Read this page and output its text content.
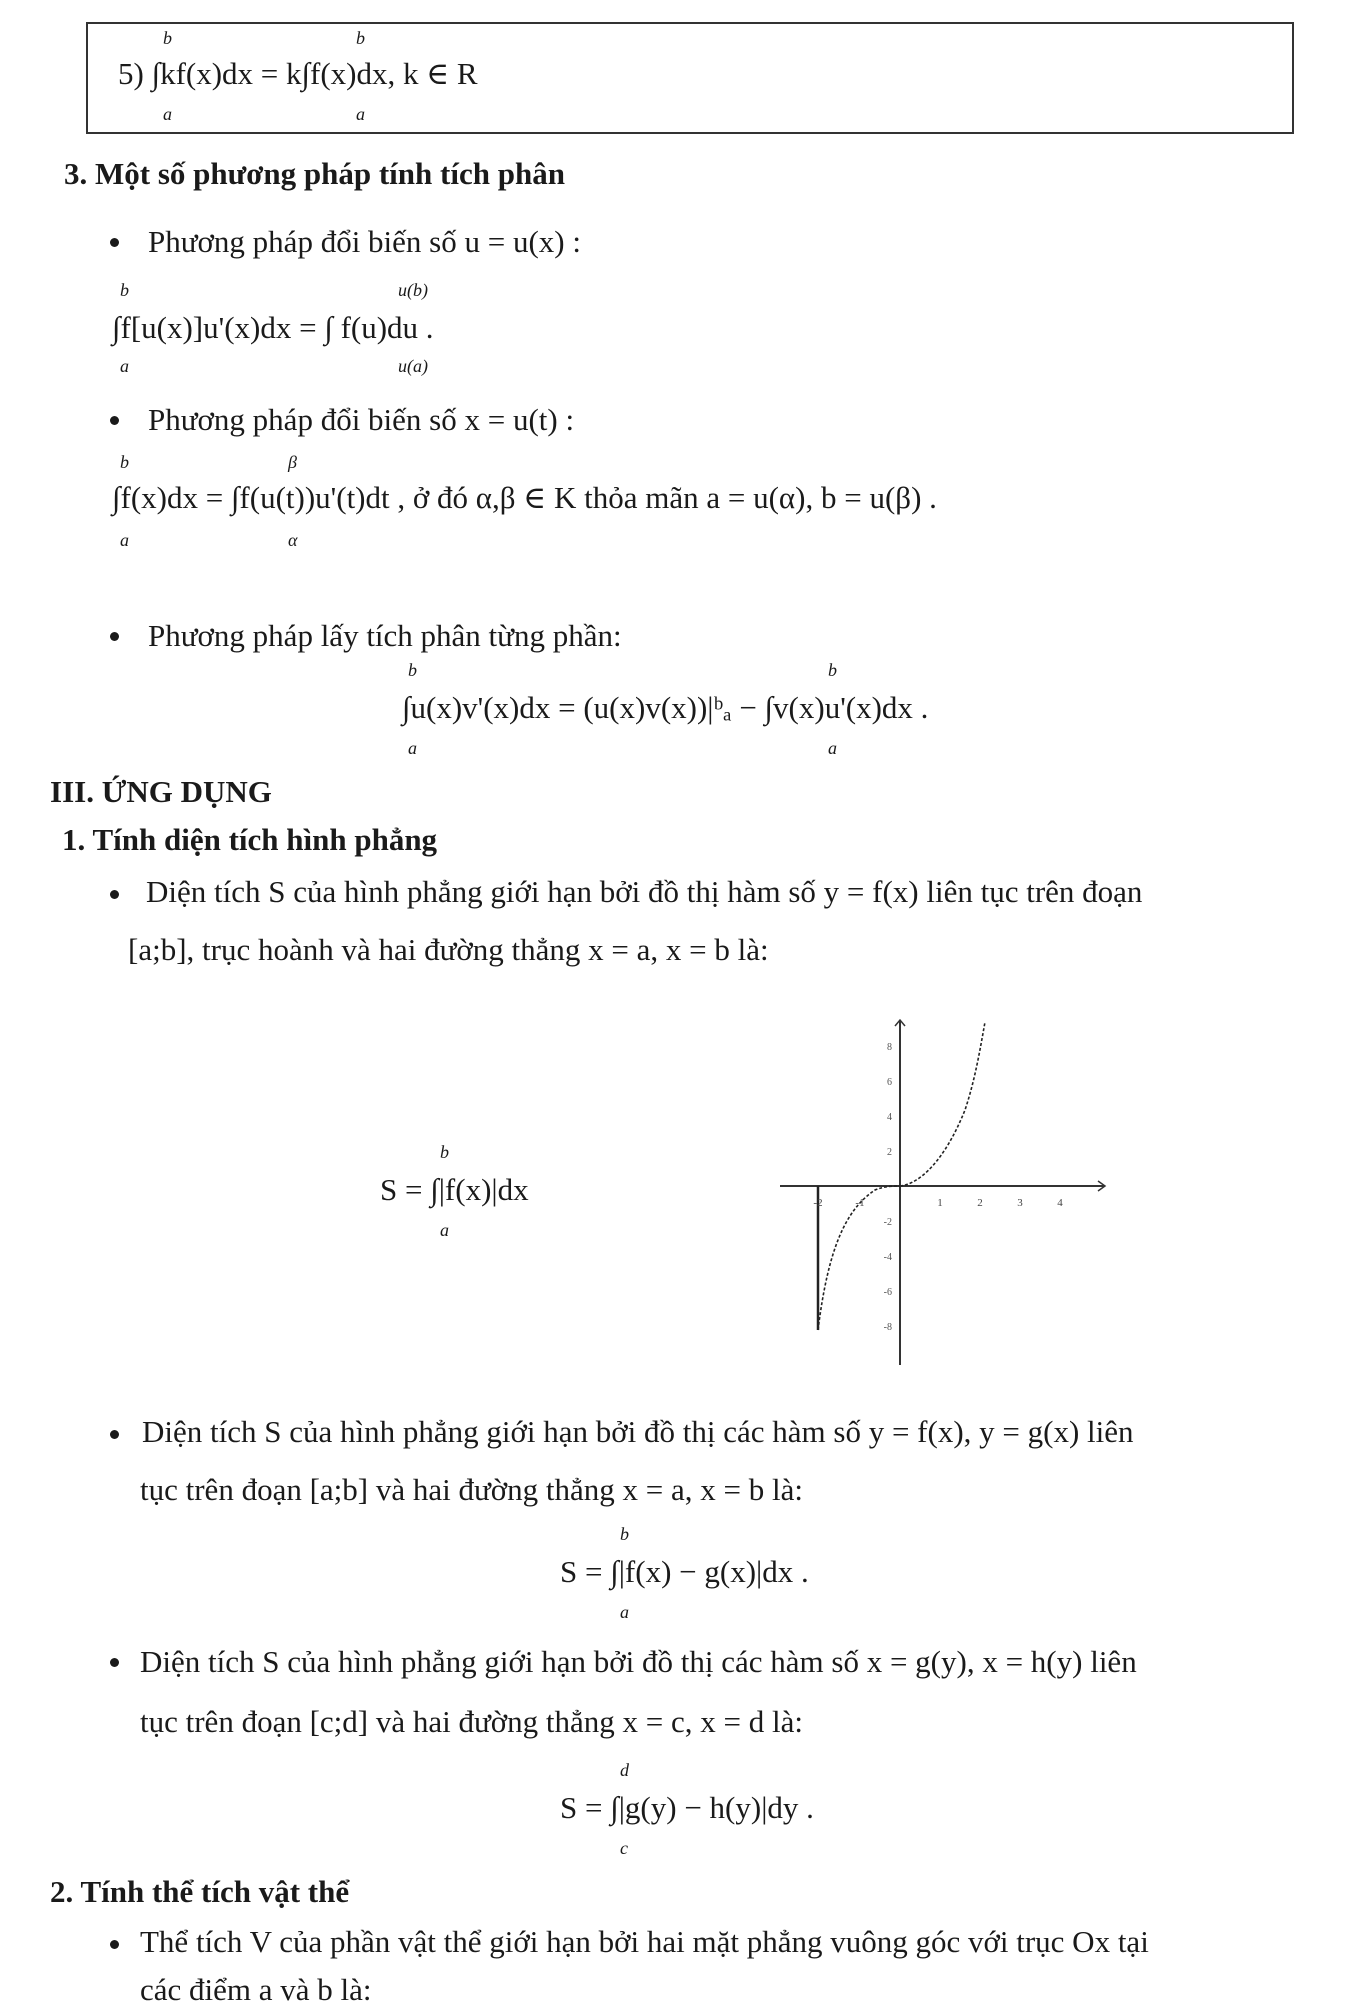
5) ∫kf(x)dx = k∫f(x)dx, k ∈ R
b
a
b
a
3. Một số phương pháp tính tích phân
Phương pháp đổi biến số u = u(x) :
∫f[u(x)]u'(x)dx = ∫ f(u)du .
b
a
u(b)
u(a)
Phương pháp đổi biến số x = u(t) :
∫f(x)dx = ∫f(u(t))u'(t)dt , ở đó α,β ∈ K thỏa mãn a = u(α), b = u(β) .
b
a
β
α
Phương pháp lấy tích phân từng phần:
∫u(x)v'(x)dx = (u(x)v(x))|ᵇₐ − ∫v(x)u'(x)dx .
b
a
b
a
III. ỨNG DỤNG
1. Tính diện tích hình phẳng
Diện tích S của hình phẳng giới hạn bởi đồ thị hàm số y = f(x) liên tục trên đoạn
[a;b], trục hoành và hai đường thẳng x = a, x = b là:
S = ∫|f(x)|dx
b
a
-2	-1	1	2	3	4
8
6
4
2
-2
-4
-6
-8
Diện tích S của hình phẳng giới hạn bởi đồ thị các hàm số y = f(x), y = g(x) liên
tục trên đoạn [a;b] và hai đường thẳng x = a, x = b là:
S = ∫|f(x) − g(x)|dx .
b
a
Diện tích S của hình phẳng giới hạn bởi đồ thị các hàm số x = g(y), x = h(y) liên
tục trên đoạn [c;d] và hai đường thẳng x = c, x = d là:
S = ∫|g(y) − h(y)|dy .
d
c
2. Tính thể tích vật thể
Thể tích V của phần vật thể giới hạn bởi hai mặt phẳng vuông góc với trục Ox tại
các điểm a và b là:
